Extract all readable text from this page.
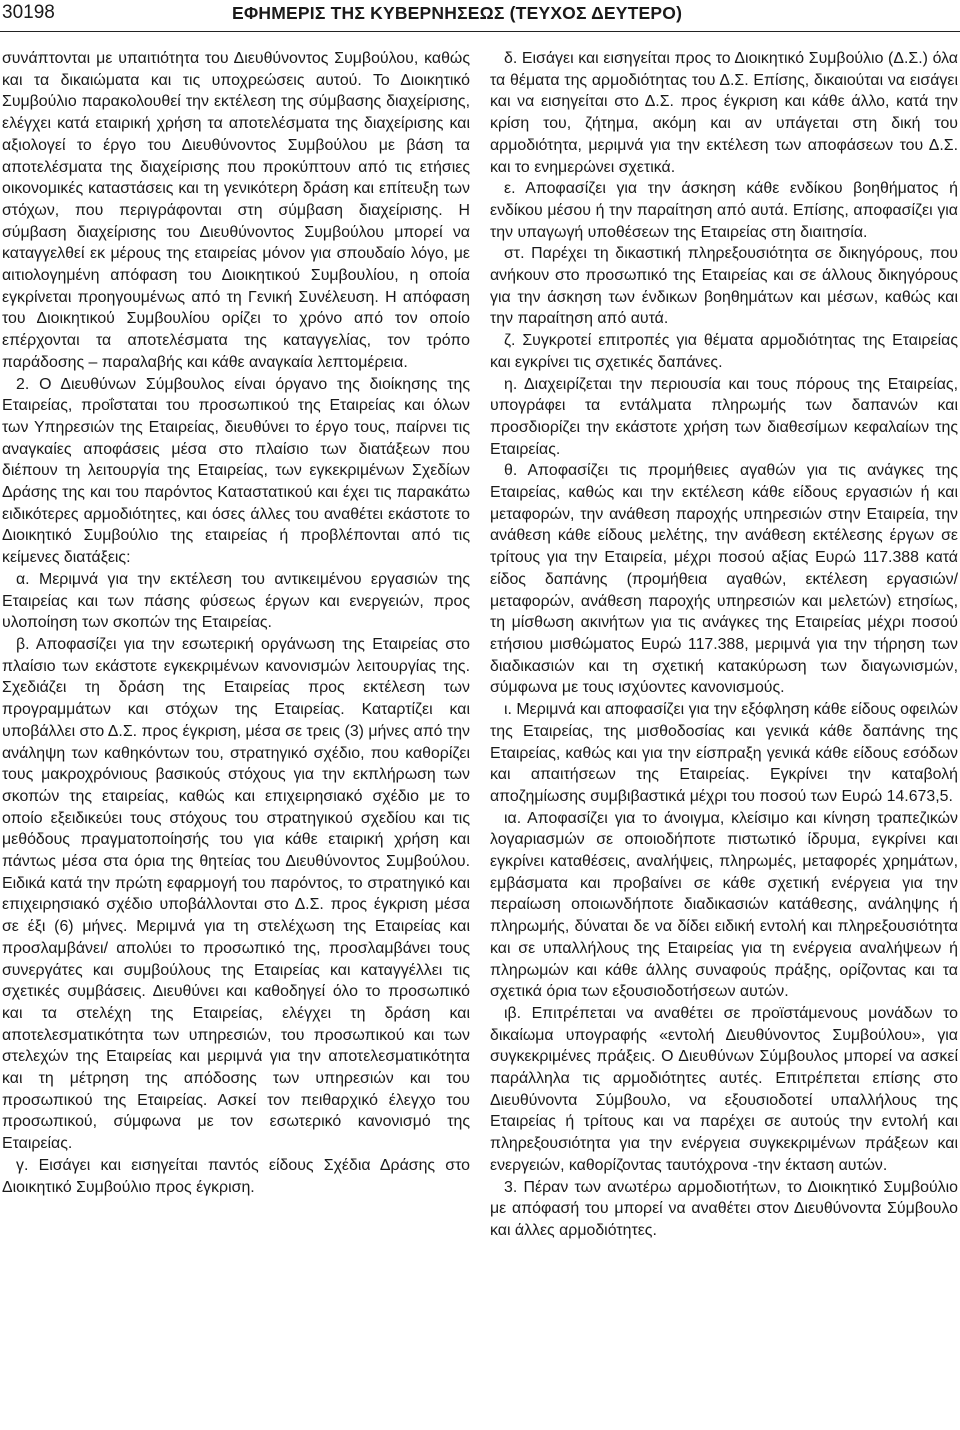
30198	ΕΦΗΜΕΡΙΣ ΤΗΣ ΚΥΒΕΡΝΗΣΕΩΣ (ΤΕΥΧΟΣ ΔΕΥΤΕΡΟ)

συνάπτονται με υπαιτιότητα του Διευθύνοντος Συμβούλου, καθώς και τα δικαιώματα και τις υποχρεώσεις αυτού. Το Διοικητικό Συμβούλιο παρακολουθεί την εκτέλεση της σύμβασης διαχείρισης, ελέγχει κατά εταιρική χρήση τα αποτελέσματα της διαχείρισης και αξιολογεί το έργο του Διευθύνοντος Συμβούλου με βάση τα αποτελέσματα της διαχείρισης που προκύπτουν από τις ετήσιες οικονομικές καταστάσεις και τη γενικότερη δράση και επίτευξη των στόχων, που περιγράφονται στη σύμβαση διαχείρισης. Η σύμβαση διαχείρισης του Διευθύνοντος Συμβούλου μπορεί να καταγγελθεί εκ μέρους της εταιρείας μόνον για σπουδαίο λόγο, με αιτιολογημένη απόφαση του Διοικητικού Συμβουλίου, η οποία εγκρίνεται προηγουμένως από τη Γενική Συνέλευση. Η απόφαση του Διοικητικού Συμβουλίου ορίζει το χρόνο από τον οποίο επέρχονται τα αποτελέσματα της καταγγελίας, τον τρόπο παράδοσης – παραλαβής και κάθε αναγκαία λεπτομέρεια.

2. Ο Διευθύνων Σύμβουλος είναι όργανο της διοίκησης της Εταιρείας, προΐσταται του προσωπικού της Εταιρείας και όλων των Υπηρεσιών της Εταιρείας, διευθύνει το έργο τους, παίρνει τις αναγκαίες αποφάσεις μέσα στο πλαίσιο των διατάξεων που διέπουν τη λειτουργία της Εταιρείας, των εγκεκριμένων Σχεδίων Δράσης της και του παρόντος Καταστατικού και έχει τις παρακάτω ειδικότερες αρμοδιότητες, και όσες άλλες του αναθέτει εκάστοτε το Διοικητικό Συμβούλιο της εταιρείας ή προβλέπονται από τις κείμενες διατάξεις:

α. Μεριμνά για την εκτέλεση του αντικειμένου εργασιών της Εταιρείας και των πάσης φύσεως έργων και ενεργειών, προς υλοποίηση των σκοπών της Εταιρείας.

β. Αποφασίζει για την εσωτερική οργάνωση της Εταιρείας στο πλαίσιο των εκάστοτε εγκεκριμένων κανονισμών λειτουργίας της. Σχεδιάζει τη δράση της Εταιρείας προς εκτέλεση των προγραμμάτων και στόχων της Εταιρείας. Καταρτίζει και υποβάλλει στο Δ.Σ. προς έγκριση, μέσα σε τρεις (3) μήνες από την ανάληψη των καθηκόντων του, στρατηγικό σχέδιο, που καθορίζει τους μακροχρόνιους βασικούς στόχους για την εκπλήρωση των σκοπών της εταιρείας, καθώς και επιχειρησιακό σχέδιο με το οποίο εξειδικεύει τους στόχους του στρατηγικού σχεδίου και τις μεθόδους πραγματοποίησής του για κάθε εταιρική χρήση και πάντως μέσα στα όρια της θητείας του Διευθύνοντος Συμβούλου. Ειδικά κατά την πρώτη εφαρμογή του παρόντος, το στρατηγικό και επιχειρησιακό σχέδιο υποβάλλονται στο Δ.Σ. προς έγκριση μέσα σε έξι (6) μήνες. Μεριμνά για τη στελέχωση της Εταιρείας και προσλαμβάνει/ απολύει το προσωπικό της, προσλαμβάνει τους συνεργάτες και συμβούλους της Εταιρείας και καταγγέλλει τις σχετικές συμβάσεις. Διευθύνει και καθοδηγεί όλο το προσωπικό και τα στελέχη της Εταιρείας, ελέγχει τη δράση και αποτελεσματικότητα των υπηρεσιών, του προσωπικού και των στελεχών της Εταιρείας και μεριμνά για την αποτελεσματικότητα και τη μέτρηση της απόδοσης των υπηρεσιών και του προσωπικού της Εταιρείας. Ασκεί τον πειθαρχικό έλεγχο του προσωπικού, σύμφωνα με τον εσωτερικό κανονισμό της Εταιρείας.

γ. Εισάγει και εισηγείται παντός είδους Σχέδια Δράσης στο Διοικητικό Συμβούλιο προς έγκριση.

δ. Εισάγει και εισηγείται προς το Διοικητικό Συμβούλιο (Δ.Σ.) όλα τα θέματα της αρμοδιότητας του Δ.Σ. Επίσης, δικαιούται να εισάγει και να εισηγείται στο Δ.Σ. προς έγκριση και κάθε άλλο, κατά την κρίση του, ζήτημα, ακόμη και αν υπάγεται στη δική του αρμοδιότητα, μεριμνά για την εκτέλεση των αποφάσεων του Δ.Σ. και το ενημερώνει σχετικά.

ε. Αποφασίζει για την άσκηση κάθε ενδίκου βοηθήματος ή ενδίκου μέσου ή την παραίτηση από αυτά. Επίσης, αποφασίζει για την υπαγωγή υποθέσεων της Εταιρείας στη διαιτησία.

στ. Παρέχει τη δικαστική πληρεξουσιότητα σε δικηγόρους, που ανήκουν στο προσωπικό της Εταιρείας και σε άλλους δικηγόρους για την άσκηση των ένδικων βοηθημάτων και μέσων, καθώς και την παραίτηση από αυτά.

ζ. Συγκροτεί επιτροπές για θέματα αρμοδιότητας της Εταιρείας και εγκρίνει τις σχετικές δαπάνες.

η. Διαχειρίζεται την περιουσία και τους πόρους της Εταιρείας, υπογράφει τα εντάλματα πληρωμής των δαπανών και προσδιορίζει την εκάστοτε χρήση των διαθεσίμων κεφαλαίων της Εταιρείας.

θ. Αποφασίζει τις προμήθειες αγαθών για τις ανάγκες της Εταιρείας, καθώς και την εκτέλεση κάθε είδους εργασιών ή και μεταφορών, την ανάθεση παροχής υπηρεσιών στην Εταιρεία, την ανάθεση κάθε είδους μελέτης, την ανάθεση εκτέλεσης έργων σε τρίτους για την Εταιρεία, μέχρι ποσού αξίας Ευρώ 117.388 κατά είδος δαπάνης (προμήθεια αγαθών, εκτέλεση εργασιών/ μεταφορών, ανάθεση παροχής υπηρεσιών και μελετών) ετησίως, τη μίσθωση ακινήτων για τις ανάγκες της Εταιρείας μέχρι ποσού ετήσιου μισθώματος Ευρώ 117.388, μεριμνά για την τήρηση των διαδικασιών και τη σχετική κατακύρωση των διαγωνισμών, σύμφωνα με τους ισχύοντες κανονισμούς.

ι. Μεριμνά και αποφασίζει για την εξόφληση κάθε είδους οφειλών της Εταιρείας, της μισθοδοσίας και γενικά κάθε δαπάνης της Εταιρείας, καθώς και για την είσπραξη γενικά κάθε είδους εσόδων και απαιτήσεων της Εταιρείας. Εγκρίνει την καταβολή αποζημίωσης συμβιβαστικά μέχρι του ποσού των Ευρώ 14.673,5.

ια. Αποφασίζει για το άνοιγμα, κλείσιμο και κίνηση τραπεζικών λογαριασμών σε οποιοδήποτε πιστωτικό ίδρυμα, εγκρίνει και εγκρίνει καταθέσεις, αναλήψεις, πληρωμές, μεταφορές χρημάτων, εμβάσματα και προβαίνει σε κάθε σχετική ενέργεια για την περαίωση οποιωνδήποτε διαδικασιών κατάθεσης, ανάληψης ή πληρωμής, δύναται δε να δίδει ειδική εντολή και πληρεξουσιότητα και σε υπαλλήλους της Εταιρείας για τη ενέργεια αναλήψεων ή πληρωμών και κάθε άλλης συναφούς πράξης, ορίζοντας και τα σχετικά όρια των εξουσιοδοτήσεων αυτών.

ιβ. Επιτρέπεται να αναθέτει σε προϊστάμενους μονάδων το δικαίωμα υπογραφής «εντολή Διευθύνοντος Συμβούλου», για συγκεκριμένες πράξεις. Ο Διευθύνων Σύμβουλος μπορεί να ασκεί παράλληλα τις αρμοδιότητες αυτές. Επιτρέπεται επίσης στο Διευθύνοντα Σύμβουλο, να εξουσιοδοτεί υπαλλήλους της Εταιρείας ή τρίτους και να παρέχει σε αυτούς την εντολή και πληρεξουσιότητα για την ενέργεια συγκεκριμένων πράξεων και ενεργειών, καθορίζοντας ταυτόχρονα -την έκταση αυτών.

3. Πέραν των ανωτέρω αρμοδιοτήτων, το Διοικητικό Συμβούλιο με απόφασή του μπορεί να αναθέτει στον Διευθύνοντα Σύμβουλο και άλλες αρμοδιότητες.
